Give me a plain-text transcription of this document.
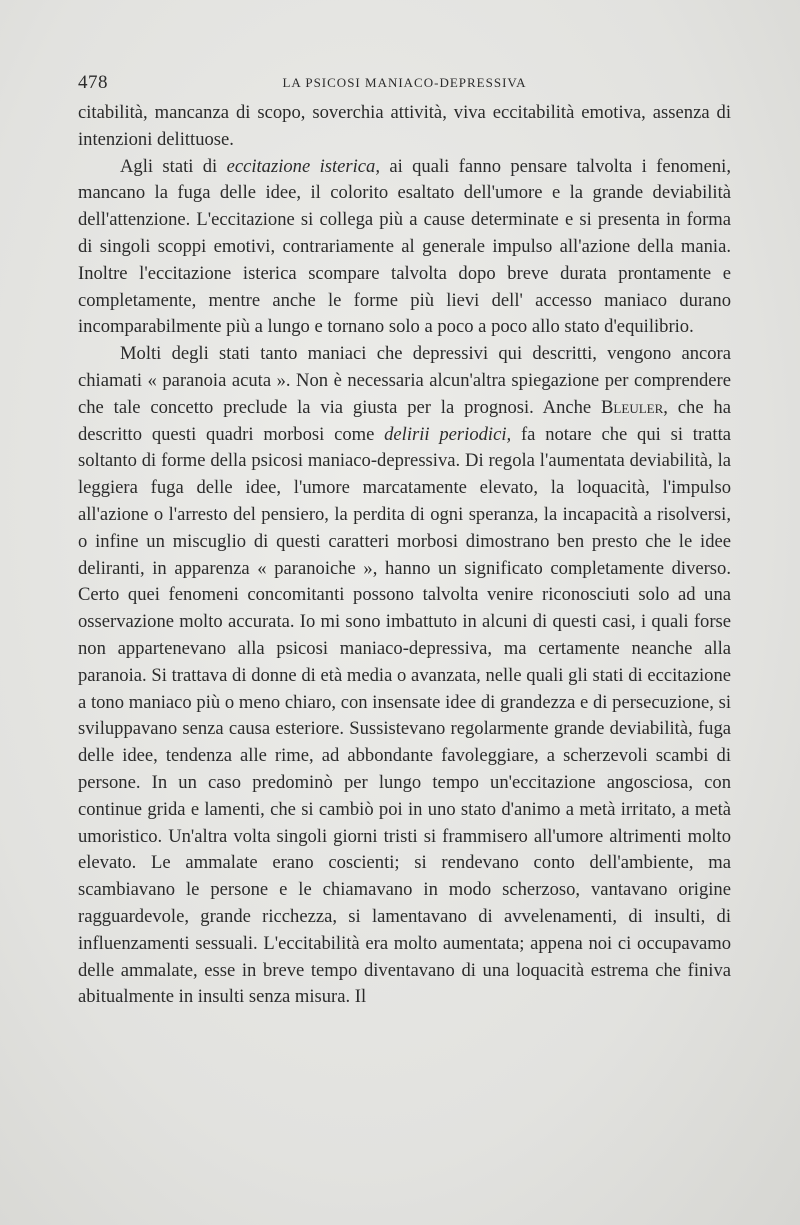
478	LA PSICOSI MANIACO-DEPRESSIVA

citabilità, mancanza di scopo, soverchia attività, viva eccitabilità emotiva, assenza di intenzioni delittuose.

Agli stati di eccitazione isterica, ai quali fanno pensare talvolta i fenomeni, mancano la fuga delle idee, il colorito esaltato dell'umore e la grande deviabilità dell'attenzione. L'eccitazione si collega più a cause determinate e si presenta in forma di singoli scoppi emotivi, contrariamente al generale impulso all'azione della mania. Inoltre l'eccitazione isterica scompare talvolta dopo breve durata prontamente e completamente, mentre anche le forme più lievi dell' accesso maniaco durano incomparabilmente più a lungo e tornano solo a poco a poco allo stato d'equilibrio.

Molti degli stati tanto maniaci che depressivi qui descritti, vengono ancora chiamati « paranoia acuta ». Non è necessaria alcun'altra spiegazione per comprendere che tale concetto preclude la via giusta per la prognosi. Anche Bleuler, che ha descritto questi quadri morbosi come delirii periodici, fa notare che qui si tratta soltanto di forme della psicosi maniaco-depressiva. Di regola l'aumentata deviabilità, la leggiera fuga delle idee, l'umore marcatamente elevato, la loquacità, l'impulso all'azione o l'arresto del pensiero, la perdita di ogni speranza, la incapacità a risolversi, o infine un miscuglio di questi caratteri morbosi dimostrano ben presto che le idee deliranti, in apparenza « paranoiche », hanno un significato completamente diverso. Certo quei fenomeni concomitanti possono talvolta venire riconosciuti solo ad una osservazione molto accurata. Io mi sono imbattuto in alcuni di questi casi, i quali forse non appartenevano alla psicosi maniaco-depressiva, ma certamente neanche alla paranoia. Si trattava di donne di età media o avanzata, nelle quali gli stati di eccitazione a tono maniaco più o meno chiaro, con insensate idee di grandezza e di persecuzione, si sviluppavano senza causa esteriore. Sussistevano regolarmente grande deviabilità, fuga delle idee, tendenza alle rime, ad abbondante favoleggiare, a scherzevoli scambi di persone. In un caso predominò per lungo tempo un'eccitazione angosciosa, con continue grida e lamenti, che si cambiò poi in uno stato d'animo a metà irritato, a metà umoristico. Un'altra volta singoli giorni tristi si frammisero all'umore altrimenti molto elevato. Le ammalate erano coscienti; si rendevano conto dell'ambiente, ma scambiavano le persone e le chiamavano in modo scherzoso, vantavano origine ragguardevole, grande ricchezza, si lamentavano di avvelenamenti, di insulti, di influenzamenti sessuali. L'eccitabilità era molto aumentata; appena noi ci occupavamo delle ammalate, esse in breve tempo diventavano di una loquacità estrema che finiva abitualmente in insulti senza misura. Il
